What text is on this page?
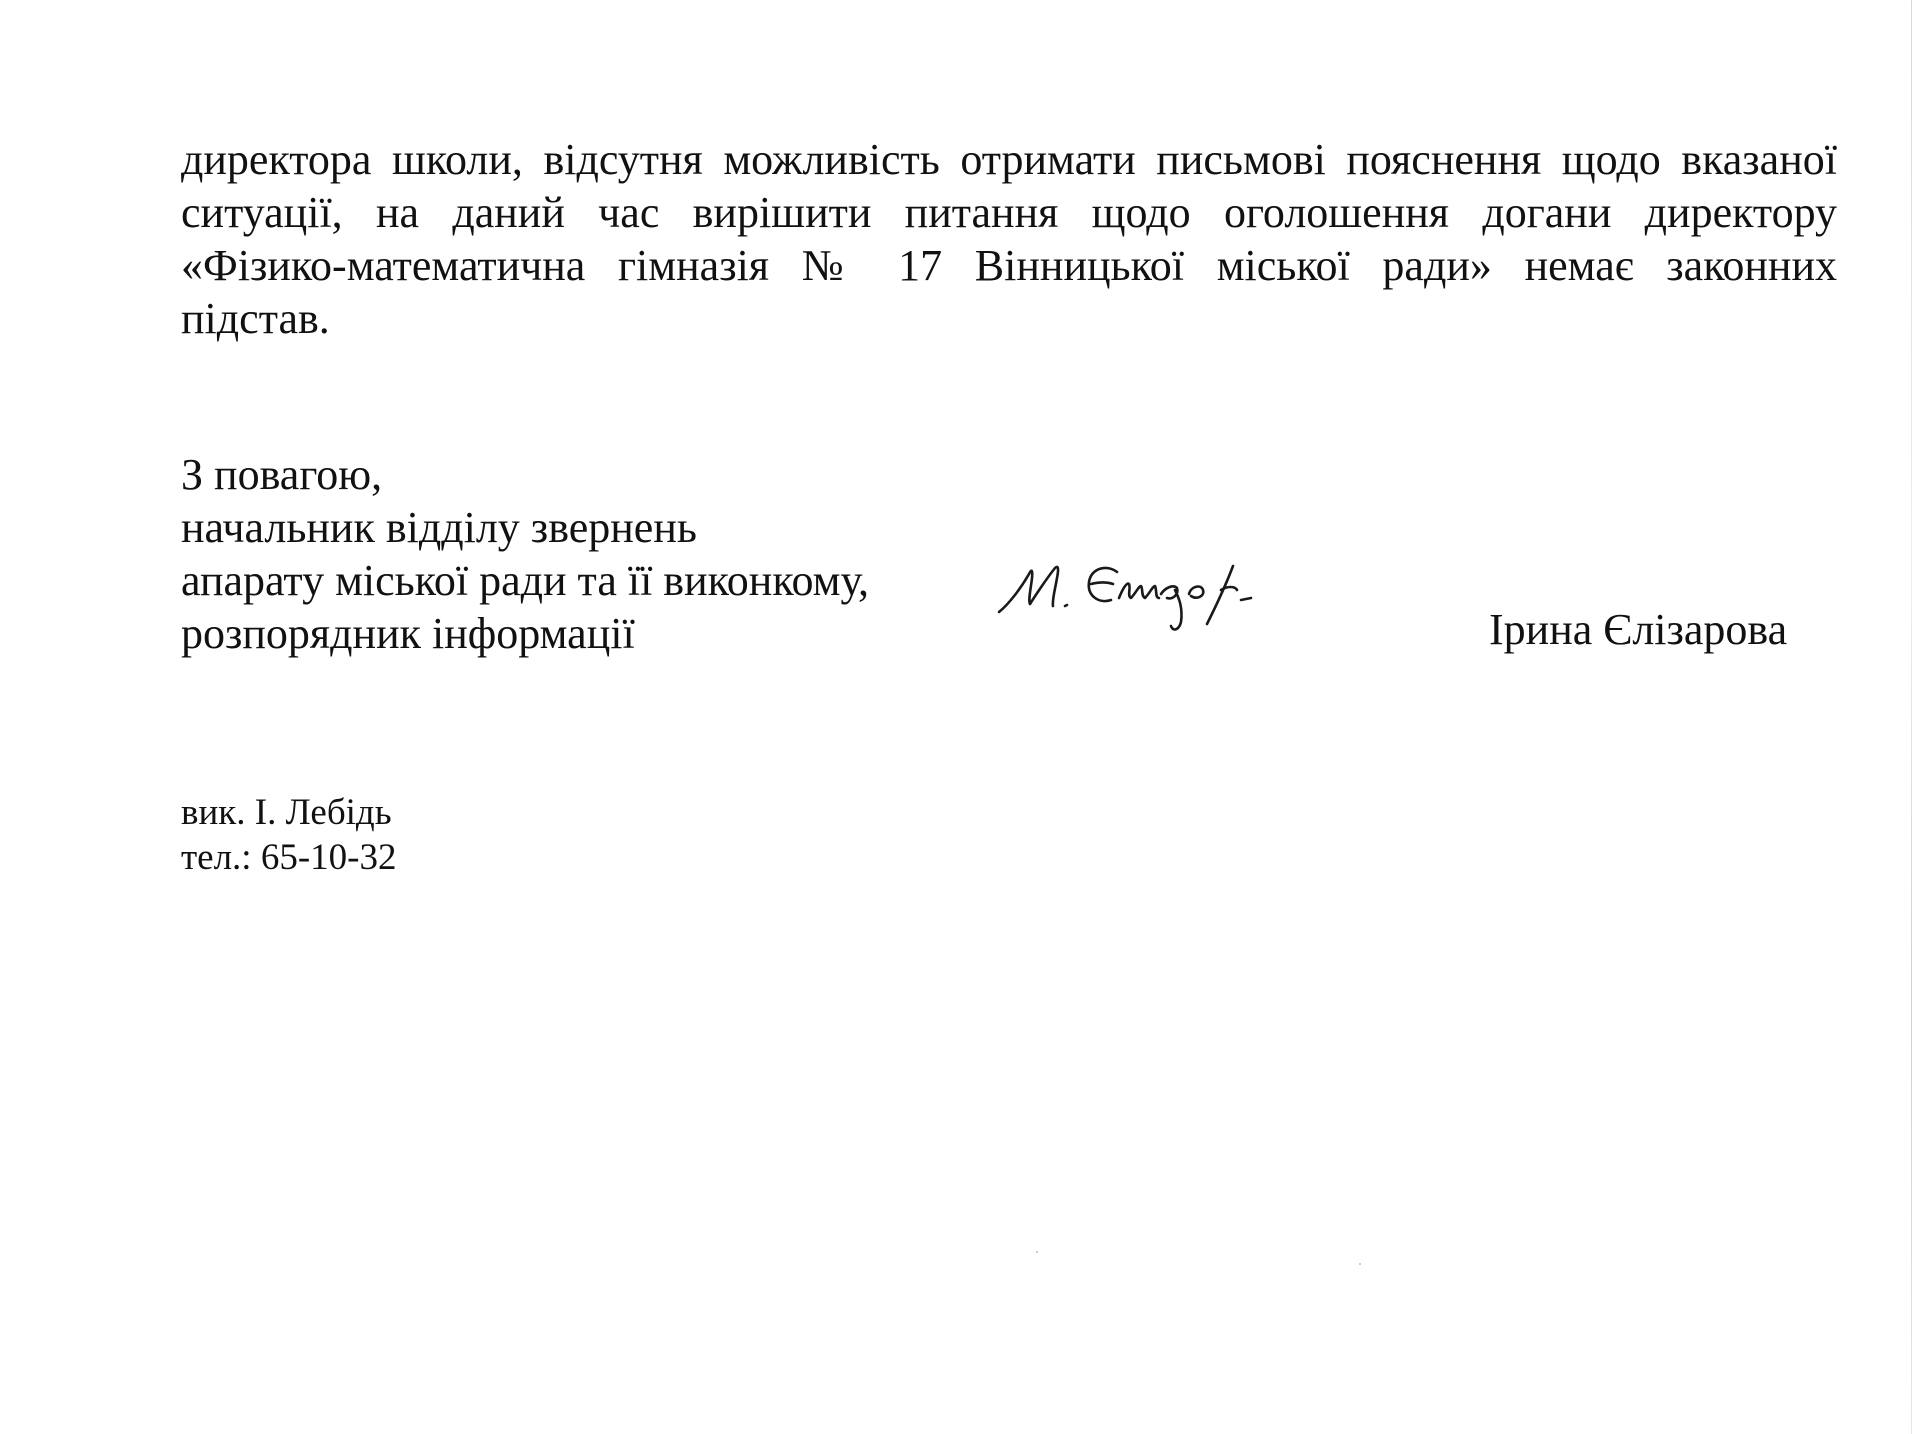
директора школи, відсутня можливість отримати письмові пояснення щодо вказаної
ситуації, на даний час вирішити питання щодо оголошення догани директору
«Фізико-математична гімназія № 17 Вінницької міської ради» немає законних
підстав.
З повагою,
начальник відділу звернень
апарату міської ради та її виконкому,
розпорядник інформації	Ірина Єлізарова
вик. І. Лебідь
тел.: 65-10-32
